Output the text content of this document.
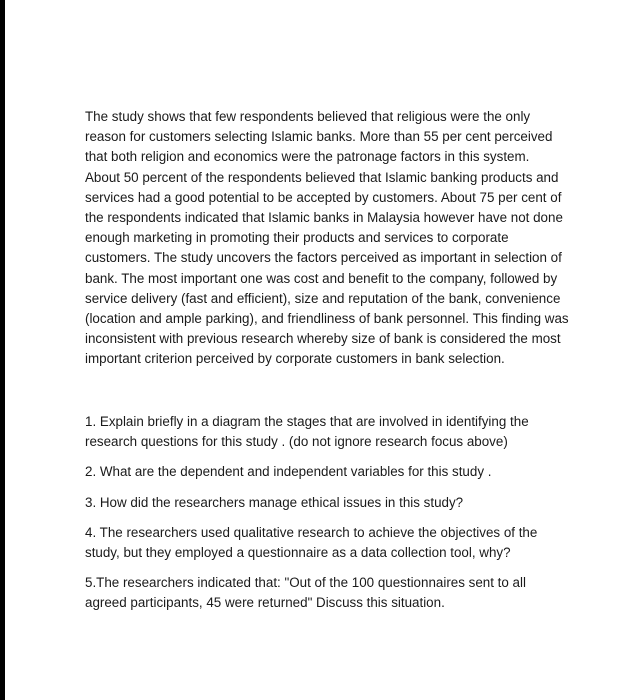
The study shows that few respondents believed that religious were the only
reason for customers selecting Islamic banks. More than 55 per cent perceived
that both religion and economics were the patronage factors in this system.
About 50 percent of the respondents believed that Islamic banking products and
services had a good potential to be accepted by customers. About 75 per cent of
the respondents indicated that Islamic banks in Malaysia however have not done
enough marketing in promoting their products and services to corporate
customers. The study uncovers the factors perceived as important in selection of
bank. The most important one was cost and benefit to the company, followed by
service delivery (fast and efficient), size and reputation of the bank, convenience
(location and ample parking), and friendliness of bank personnel. This finding was
inconsistent with previous research whereby size of bank is considered the most
important criterion perceived by corporate customers in bank selection.

1. Explain briefly in a diagram the stages that are involved in identifying the
research questions for this study . (do not ignore research focus above)

2. What are the dependent and independent variables for this study .

3. How did the researchers manage ethical issues in this study?

4. The researchers used qualitative research to achieve the objectives of the
study, but they employed a questionnaire as a data collection tool, why?

5.The researchers indicated that: "Out of the 100 questionnaires sent to all
agreed participants, 45 were returned" Discuss this situation.
